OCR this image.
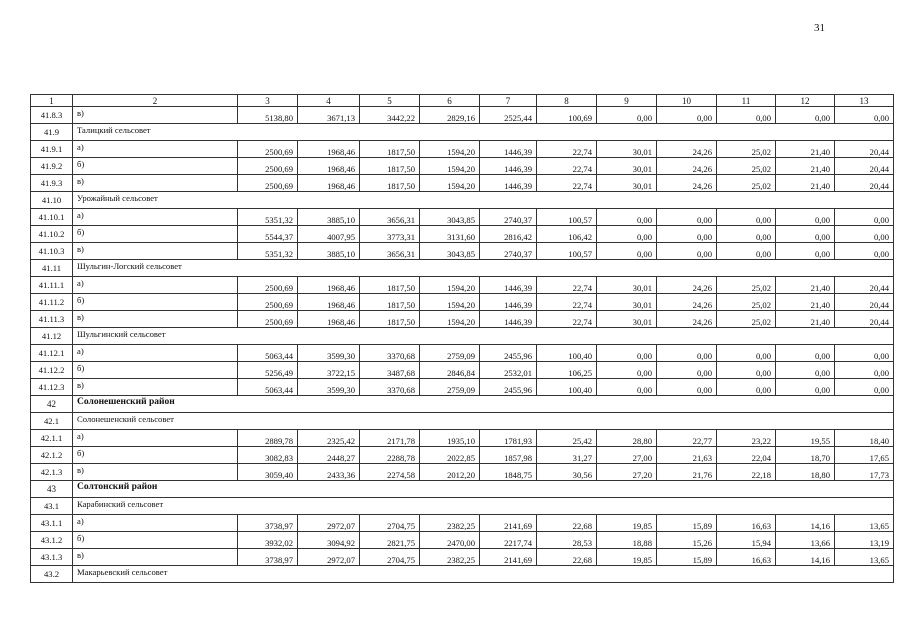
31
1	2	3	4	5	6	7	8	9	10	11	12	13
41.8.3	в)	5138,80	3671,13	3442,22	2829,16	2525,44	100,69	0,00	0,00	0,00	0,00	0,00
41.9	Талицкий сельсовет											
41.9.1	а)	2500,69	1968,46	1817,50	1594,20	1446,39	22,74	30,01	24,26	25,02	21,40	20,44
41.9.2	б)	2500,69	1968,46	1817,50	1594,20	1446,39	22,74	30,01	24,26	25,02	21,40	20,44
41.9.3	в)	2500,69	1968,46	1817,50	1594,20	1446,39	22,74	30,01	24,26	25,02	21,40	20,44
41.10	Урожайный сельсовет											
41.10.1	а)	5351,32	3885,10	3656,31	3043,85	2740,37	100,57	0,00	0,00	0,00	0,00	0,00
41.10.2	б)	5544,37	4007,95	3773,31	3131,60	2816,42	106,42	0,00	0,00	0,00	0,00	0,00
41.10.3	в)	5351,32	3885,10	3656,31	3043,85	2740,37	100,57	0,00	0,00	0,00	0,00	0,00
41.11	Шульгин-Логский сельсовет											
41.11.1	а)	2500,69	1968,46	1817,50	1594,20	1446,39	22,74	30,01	24,26	25,02	21,40	20,44
41.11.2	б)	2500,69	1968,46	1817,50	1594,20	1446,39	22,74	30,01	24,26	25,02	21,40	20,44
41.11.3	в)	2500,69	1968,46	1817,50	1594,20	1446,39	22,74	30,01	24,26	25,02	21,40	20,44
41.12	Шульгинский сельсовет											
41.12.1	а)	5063,44	3599,30	3370,68	2759,09	2455,96	100,40	0,00	0,00	0,00	0,00	0,00
41.12.2	б)	5256,49	3722,15	3487,68	2846,84	2532,01	106,25	0,00	0,00	0,00	0,00	0,00
41.12.3	в)	5063,44	3599,30	3370,68	2759,09	2455,96	100,40	0,00	0,00	0,00	0,00	0,00
42	Солонешенский район											
42.1	Солонешенский сельсовет											
42.1.1	а)	2889,78	2325,42	2171,78	1935,10	1781,93	25,42	28,80	22,77	23,22	19,55	18,40
42.1.2	б)	3082,83	2448,27	2288,78	2022,85	1857,98	31,27	27,00	21,63	22,04	18,70	17,65
42.1.3	в)	3059,40	2433,36	2274,58	2012,20	1848,75	30,56	27,20	21,76	22,18	18,80	17,73
43	Солтонский район											
43.1	Карабинский сельсовет											
43.1.1	а)	3738,97	2972,07	2704,75	2382,25	2141,69	22,68	19,85	15,89	16,63	14,16	13,65
43.1.2	б)	3932,02	3094,92	2821,75	2470,00	2217,74	28,53	18,88	15,26	15,94	13,66	13,19
43.1.3	в)	3738,97	2972,07	2704,75	2382,25	2141,69	22,68	19,85	15,89	16,63	14,16	13,65
43.2	Макарьевский сельсовет											
